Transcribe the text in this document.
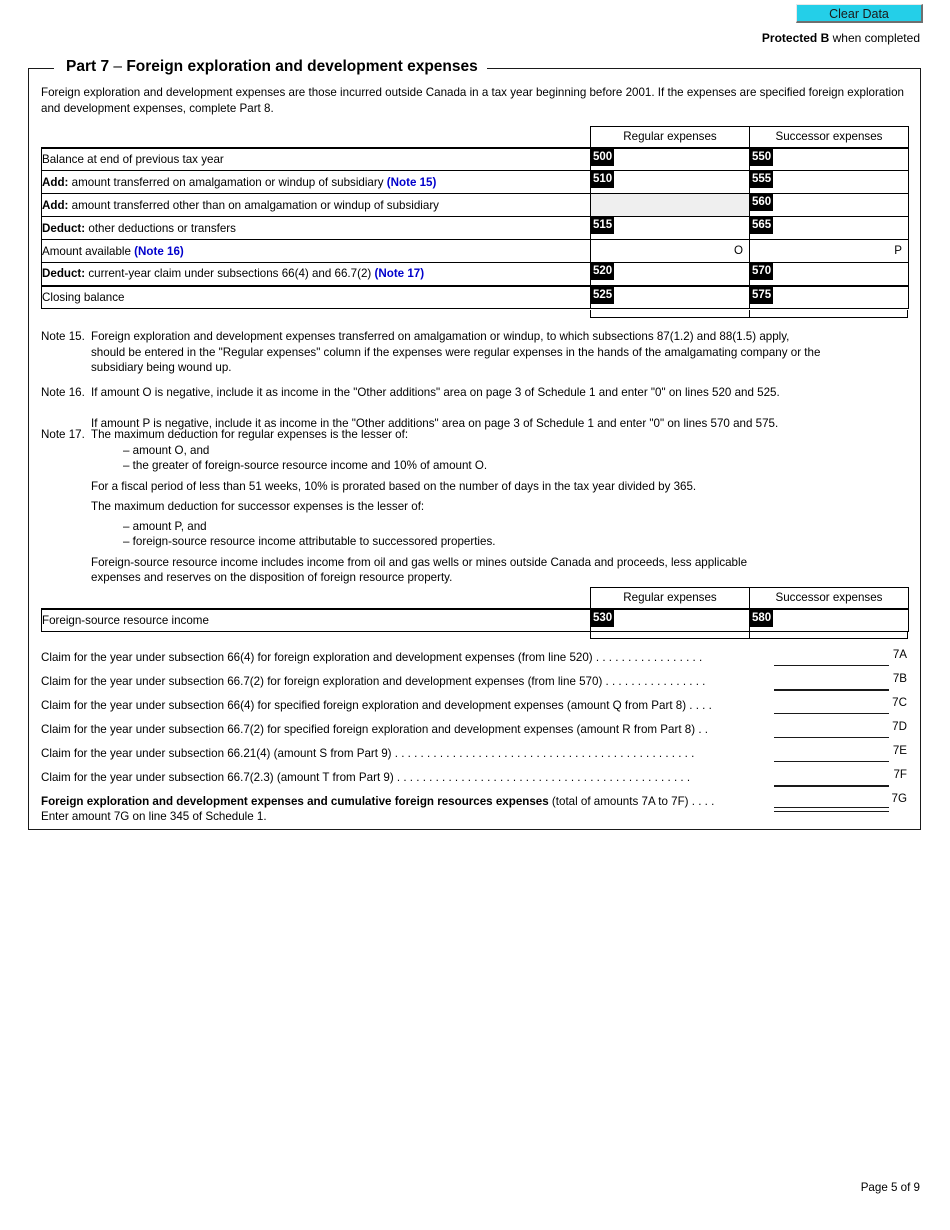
Clear Data
Protected B when completed
Part 7 – Foreign exploration and development expenses
Foreign exploration and development expenses are those incurred outside Canada in a tax year beginning before 2001. If the expenses are specified foreign exploration and development expenses, complete Part 8.
	Regular expenses	Successor expenses
Balance at end of previous tax year	500	550

Add: amount transferred on amalgamation or windup of subsidiary (Note 15)	510	555

Add: amount transferred other than on amalgamation or windup of subsidiary		560

Deduct: other deductions or transfers	515	565

Amount available (Note 16)	O	P

Deduct: current-year claim under subsections 66(4) and 66.7(2) (Note 17)	520	570

Closing balance	525	575
Note 15. Foreign exploration and development expenses transferred on amalgamation or windup, to which subsections 87(1.2) and 88(1.5) apply,
should be entered in the "Regular expenses" column if the expenses were regular expenses in the hands of the amalgamating company or the
subsidiary being wound up.
Note 16. If amount O is negative, include it as income in the "Other additions" area on page 3 of Schedule 1 and enter "0" on lines 520 and 525.
If amount P is negative, include it as income in the "Other additions" area on page 3 of Schedule 1 and enter "0" on lines 570 and 575.
Note 17. The maximum deduction for regular expenses is the lesser of:
– amount O, and
– the greater of foreign-source resource income and 10% of amount O.
For a fiscal period of less than 51 weeks, 10% is prorated based on the number of days in the tax year divided by 365.
The maximum deduction for successor expenses is the lesser of:
– amount P, and
– foreign-source resource income attributable to successored properties.
Foreign-source resource income includes income from oil and gas wells or mines outside Canada and proceeds, less applicable
expenses and reserves on the disposition of foreign resource property.
	Regular expenses	Successor expenses
Foreign-source resource income	530	580
Claim for the year under subsection 66(4) for foreign exploration and development expenses (from line 520) . . . . . . . . . . . . . . . . .	7A
Claim for the year under subsection 66.7(2) for foreign exploration and development expenses (from line 570) . . . . . . . . . . . . . . . .	7B
Claim for the year under subsection 66(4) for specified foreign exploration and development expenses (amount Q from Part 8) . . . .	7C
Claim for the year under subsection 66.7(2) for specified foreign exploration and development expenses (amount R from Part 8) . .	7D
Claim for the year under subsection 66.21(4) (amount S from Part 9) . . . . . . . . . . . . . . . . . . . . . . . . . . . . . . . . . . . . . . . . . . . . . . .	7E
Claim for the year under subsection 66.7(2.3) (amount T from Part 9) . . . . . . . . . . . . . . . . . . . . . . . . . . . . . . . . . . . . . . . . . . . . . .	7F
Foreign exploration and development expenses and cumulative foreign resources expenses (total of amounts 7A to 7F) . . . .	7G
Enter amount 7G on line 345 of Schedule 1.
Page 5 of 9
